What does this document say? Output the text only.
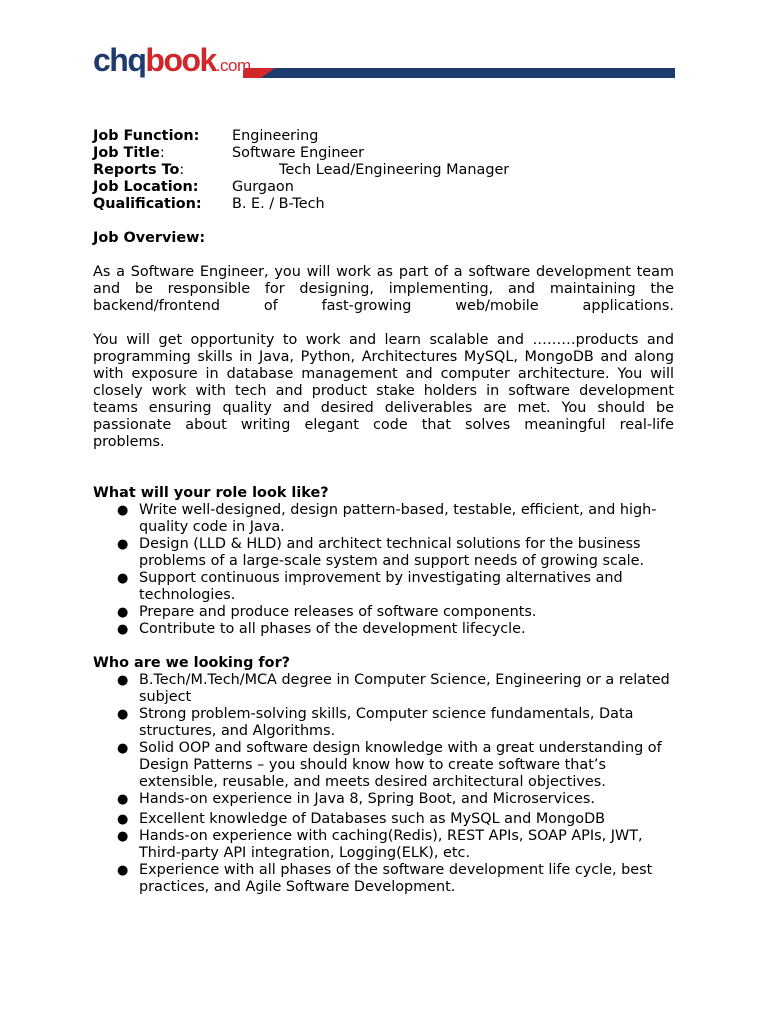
chqbook.com
Job Function:	Engineering
Job Title:	Software Engineer
Reports To:	Tech Lead/Engineering Manager
Job Location:	Gurgaon
Qualification:	B. E. / B-Tech
Job Overview:

As a Software Engineer, you will work as part of a software development team and be responsible for designing, implementing, and maintaining the backend/frontend of fast-growing web/mobile applications.

You will get opportunity to work and learn scalable and ………products and programming skills in Java, Python, Architectures MySQL, MongoDB and along with exposure in database management and computer architecture. You will closely work with tech and product stake holders in software development teams ensuring quality and desired deliverables are met. You should be passionate about writing elegant code that solves meaningful real-life problems.

What will your role look like?
● Write well-designed, design pattern-based, testable, efficient, and high-quality code in Java.
● Design (LLD & HLD) and architect technical solutions for the business problems of a large-scale system and support needs of growing scale.
● Support continuous improvement by investigating alternatives and technologies.
● Prepare and produce releases of software components.
● Contribute to all phases of the development lifecycle.
Who are we looking for?
● B.Tech/M.Tech/MCA degree in Computer Science, Engineering or a related subject
● Strong problem-solving skills, Computer science fundamentals, Data structures, and Algorithms.
● Solid OOP and software design knowledge with a great understanding of Design Patterns – you should know how to create software that’s extensible, reusable, and meets desired architectural objectives.
● Hands-on experience in Java 8, Spring Boot, and Microservices.
● Excellent knowledge of Databases such as MySQL and MongoDB
● Hands-on experience with caching(Redis), REST APIs, SOAP APIs, JWT, Third-party API integration, Logging(ELK), etc.
● Experience with all phases of the software development life cycle, best practices, and Agile Software Development.
